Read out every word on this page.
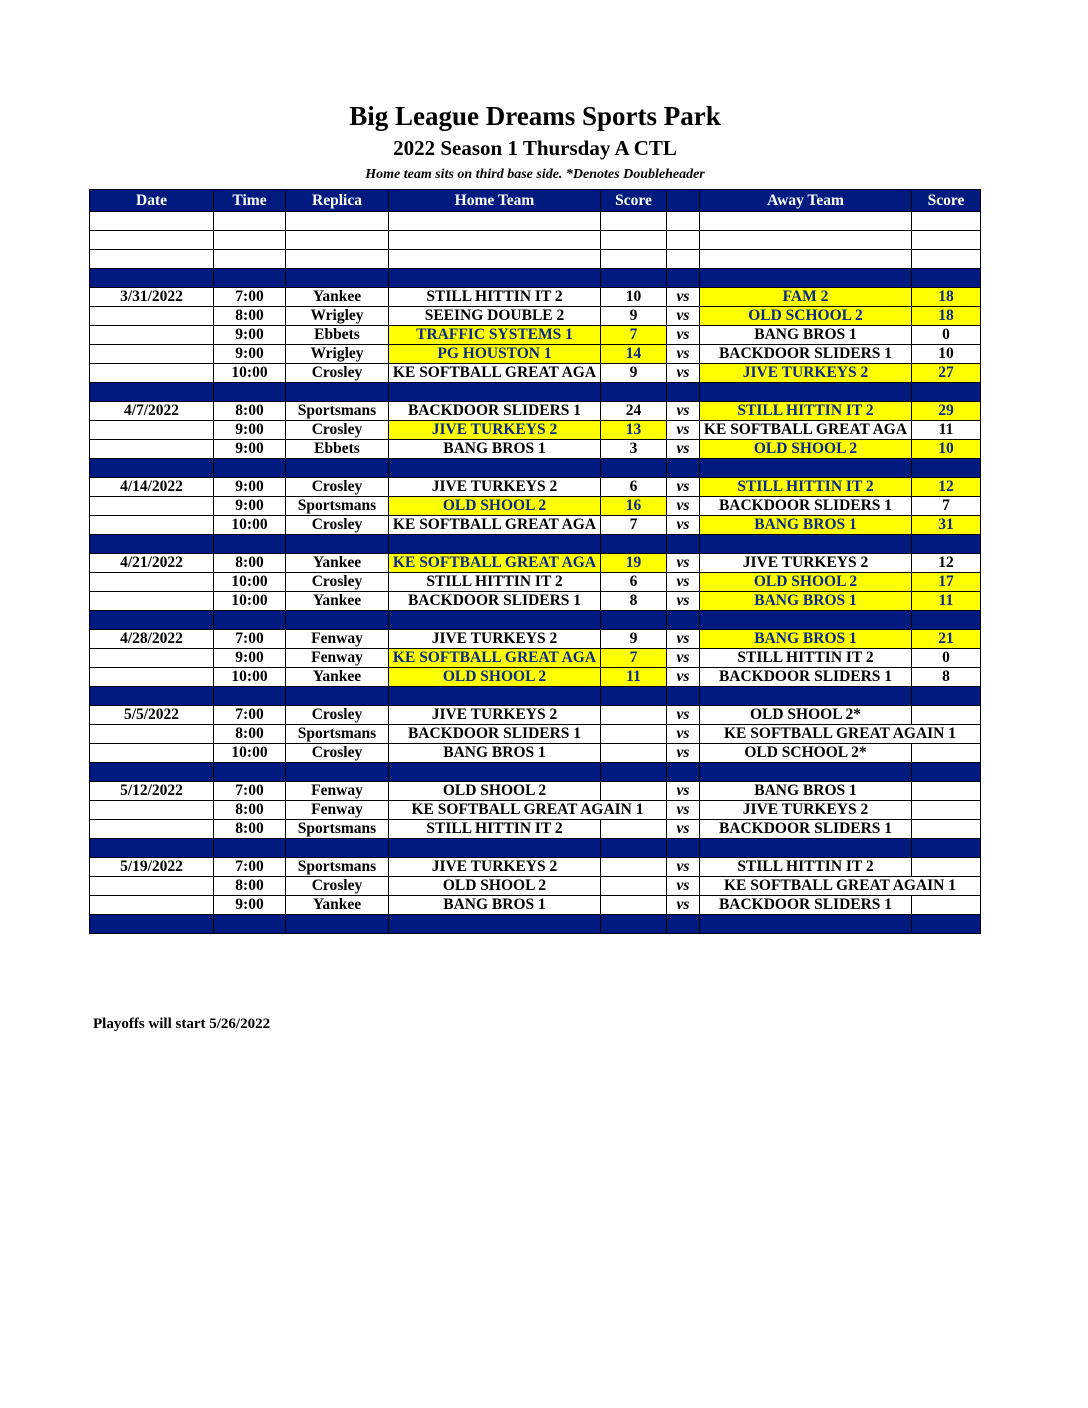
Big League Dreams Sports Park
2022 Season 1 Thursday A CTL
Home team sits on third base side. *Denotes Doubleheader
Date	Time	Replica	Home Team	Score		Away Team	Score

3/31/2022	7:00	Yankee	STILL HITTIN IT 2	10	vs	FAM 2	18
	8:00	Wrigley	SEEING DOUBLE 2	9	vs	OLD SCHOOL 2	18
	9:00	Ebbets	TRAFFIC SYSTEMS 1	7	vs	BANG BROS 1	0
	9:00	Wrigley	PG HOUSTON 1	14	vs	BACKDOOR SLIDERS 1	10
	10:00	Crosley	KE SOFTBALL GREAT AGA	9	vs	JIVE TURKEYS 2	27

4/7/2022	8:00	Sportsmans	BACKDOOR SLIDERS 1	24	vs	STILL HITTIN IT 2	29
	9:00	Crosley	JIVE TURKEYS 2	13	vs	KE SOFTBALL GREAT AGA	11
	9:00	Ebbets	BANG BROS 1	3	vs	OLD SHOOL 2	10

4/14/2022	9:00	Crosley	JIVE TURKEYS 2	6	vs	STILL HITTIN IT 2	12
	9:00	Sportsmans	OLD SHOOL 2	16	vs	BACKDOOR SLIDERS 1	7
	10:00	Crosley	KE SOFTBALL GREAT AGA	7	vs	BANG BROS 1	31

4/21/2022	8:00	Yankee	KE SOFTBALL GREAT AGA	19	vs	JIVE TURKEYS 2	12
	10:00	Crosley	STILL HITTIN IT 2	6	vs	OLD SHOOL 2	17
	10:00	Yankee	BACKDOOR SLIDERS 1	8	vs	BANG BROS 1	11

4/28/2022	7:00	Fenway	JIVE TURKEYS 2	9	vs	BANG BROS 1	21
	9:00	Fenway	KE SOFTBALL GREAT AGA	7	vs	STILL HITTIN IT 2	0
	10:00	Yankee	OLD SHOOL 2	11	vs	BACKDOOR SLIDERS 1	8

5/5/2022	7:00	Crosley	JIVE TURKEYS 2		vs	OLD SHOOL 2*	
	8:00	Sportsmans	BACKDOOR SLIDERS 1		vs	KE SOFTBALL GREAT AGAIN 1	
	10:00	Crosley	BANG BROS 1		vs	OLD SCHOOL 2*	

5/12/2022	7:00	Fenway	OLD SHOOL 2		vs	BANG BROS 1	
	8:00	Fenway	KE SOFTBALL GREAT AGAIN 1		vs	JIVE TURKEYS 2	
	8:00	Sportsmans	STILL HITTIN IT 2		vs	BACKDOOR SLIDERS 1	

5/19/2022	7:00	Sportsmans	JIVE TURKEYS 2		vs	STILL HITTIN IT 2	
	8:00	Crosley	OLD SHOOL 2		vs	KE SOFTBALL GREAT AGAIN 1	
	9:00	Yankee	BANG BROS 1		vs	BACKDOOR SLIDERS 1	

Playoffs will start 5/26/2022
